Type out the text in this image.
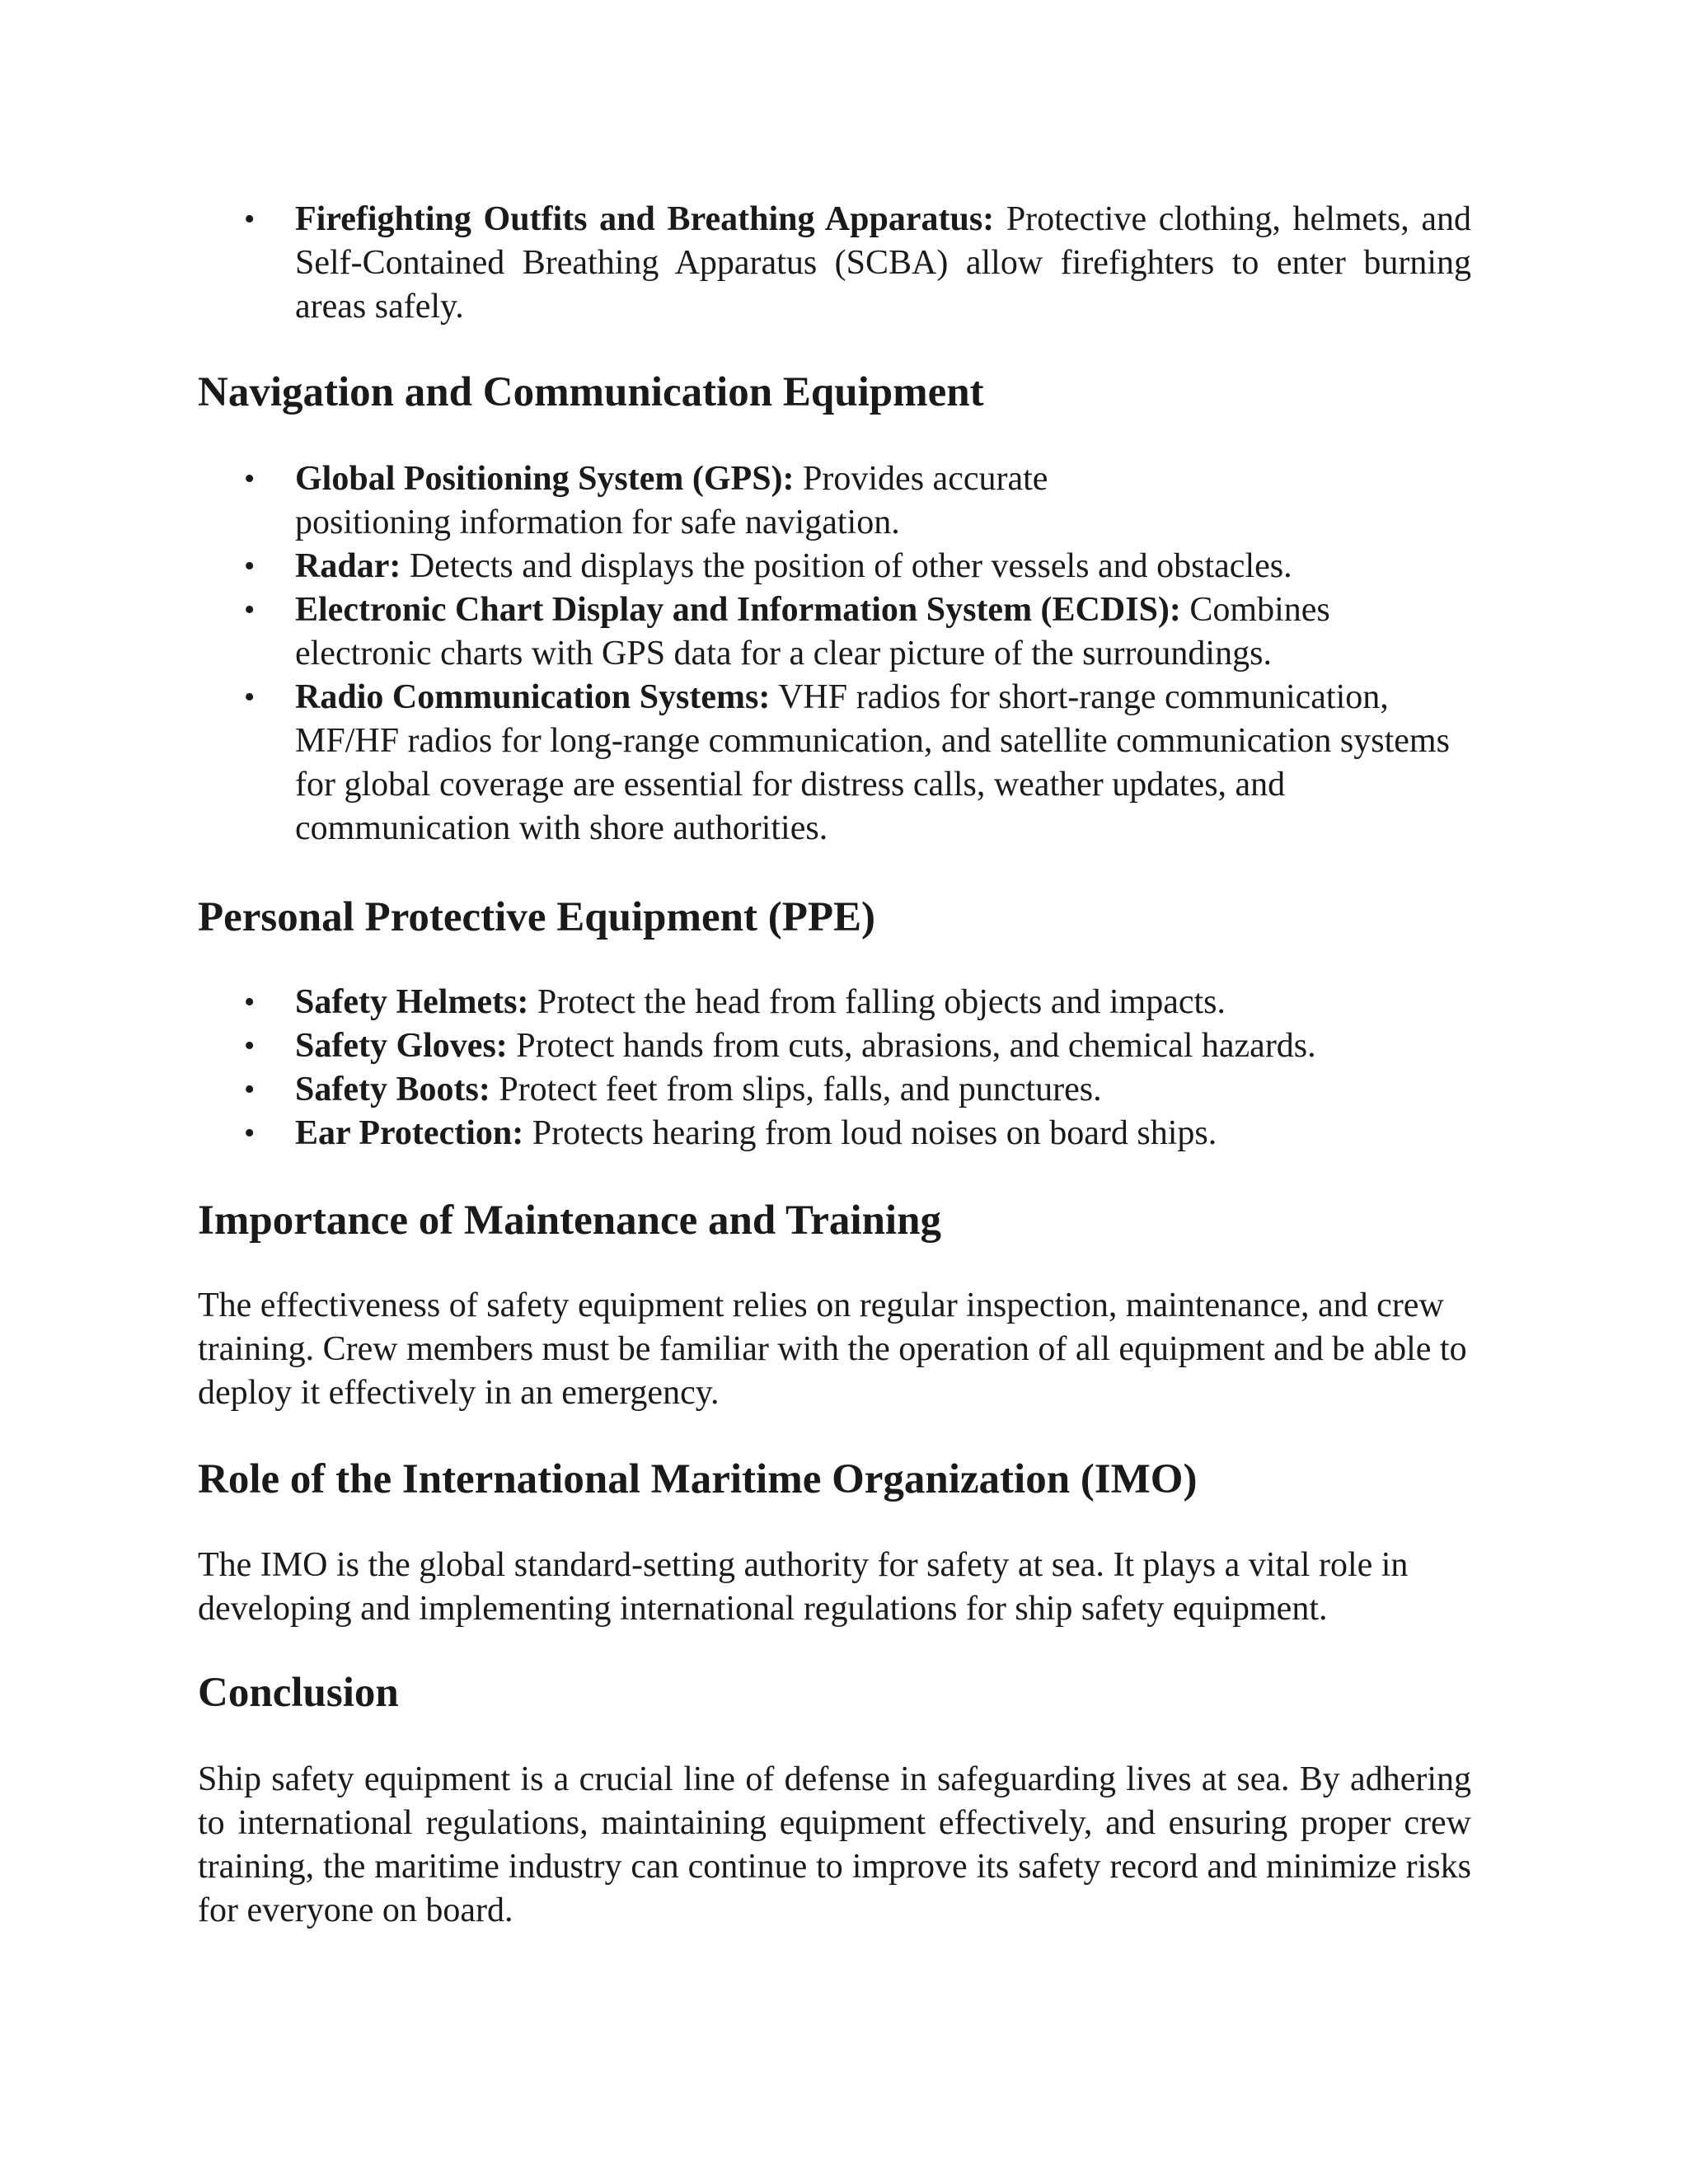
• Firefighting Outfits and Breathing Apparatus: Protective clothing, helmets, and Self-Contained Breathing Apparatus (SCBA) allow firefighters to enter burning areas safely.
Navigation and Communication Equipment
• Global Positioning System (GPS): Provides accurate positioning information for safe navigation.
• Radar: Detects and displays the position of other vessels and obstacles.
• Electronic Chart Display and Information System (ECDIS): Combines electronic charts with GPS data for a clear picture of the surroundings.
• Radio Communication Systems: VHF radios for short-range communication, MF/HF radios for long-range communication, and satellite communication systems for global coverage are essential for distress calls, weather updates, and communication with shore authorities.
Personal Protective Equipment (PPE)
• Safety Helmets: Protect the head from falling objects and impacts.
• Safety Gloves: Protect hands from cuts, abrasions, and chemical hazards.
• Safety Boots: Protect feet from slips, falls, and punctures.
• Ear Protection: Protects hearing from loud noises on board ships.
Importance of Maintenance and Training

The effectiveness of safety equipment relies on regular inspection, maintenance, and crew training. Crew members must be familiar with the operation of all equipment and be able to deploy it effectively in an emergency.

Role of the International Maritime Organization (IMO)

The IMO is the global standard-setting authority for safety at sea. It plays a vital role in developing and implementing international regulations for ship safety equipment.

Conclusion

Ship safety equipment is a crucial line of defense in safeguarding lives at sea. By adhering to international regulations, maintaining equipment effectively, and ensuring proper crew training, the maritime industry can continue to improve its safety record and minimize risks for everyone on board.
